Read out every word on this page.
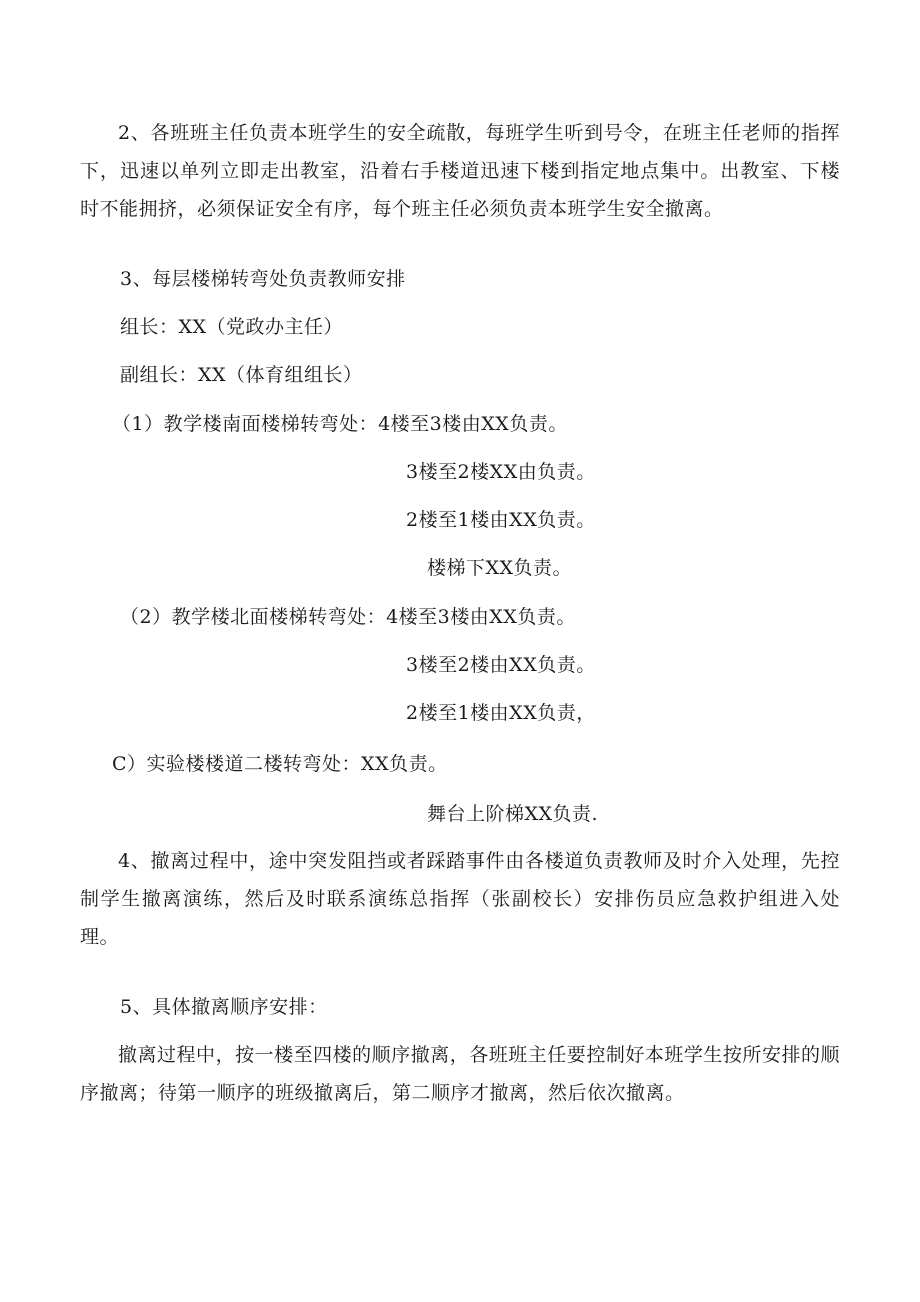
2、各班班主任负责本班学生的安全疏散，每班学生听到号令，在班主任老师的指挥下，迅速以单列立即走出教室，沿着右手楼道迅速下楼到指定地点集中。出教室、下楼时不能拥挤，必须保证安全有序，每个班主任必须负责本班学生安全撤离。

3、每层楼梯转弯处负责教师安排

组长：XX（党政办主任）

副组长：XX（体育组组长）

（1）教学楼南面楼梯转弯处：4楼至3楼由XX负责。

3楼至2楼XX由负责。

2楼至1楼由XX负责。

楼梯下XX负责。

（2）教学楼北面楼梯转弯处：4楼至3楼由XX负责。

3楼至2楼由XX负责。

2楼至1楼由XX负责，

C）实验楼楼道二楼转弯处：XX负责。

舞台上阶梯XX负责.

4、撤离过程中，途中突发阻挡或者踩踏事件由各楼道负责教师及时介入处理，先控制学生撤离演练，然后及时联系演练总指挥（张副校长）安排伤员应急救护组进入处理。

5、具体撤离顺序安排：

撤离过程中，按一楼至四楼的顺序撤离，各班班主任要控制好本班学生按所安排的顺序撤离；待第一顺序的班级撤离后，第二顺序才撤离，然后依次撤离。
